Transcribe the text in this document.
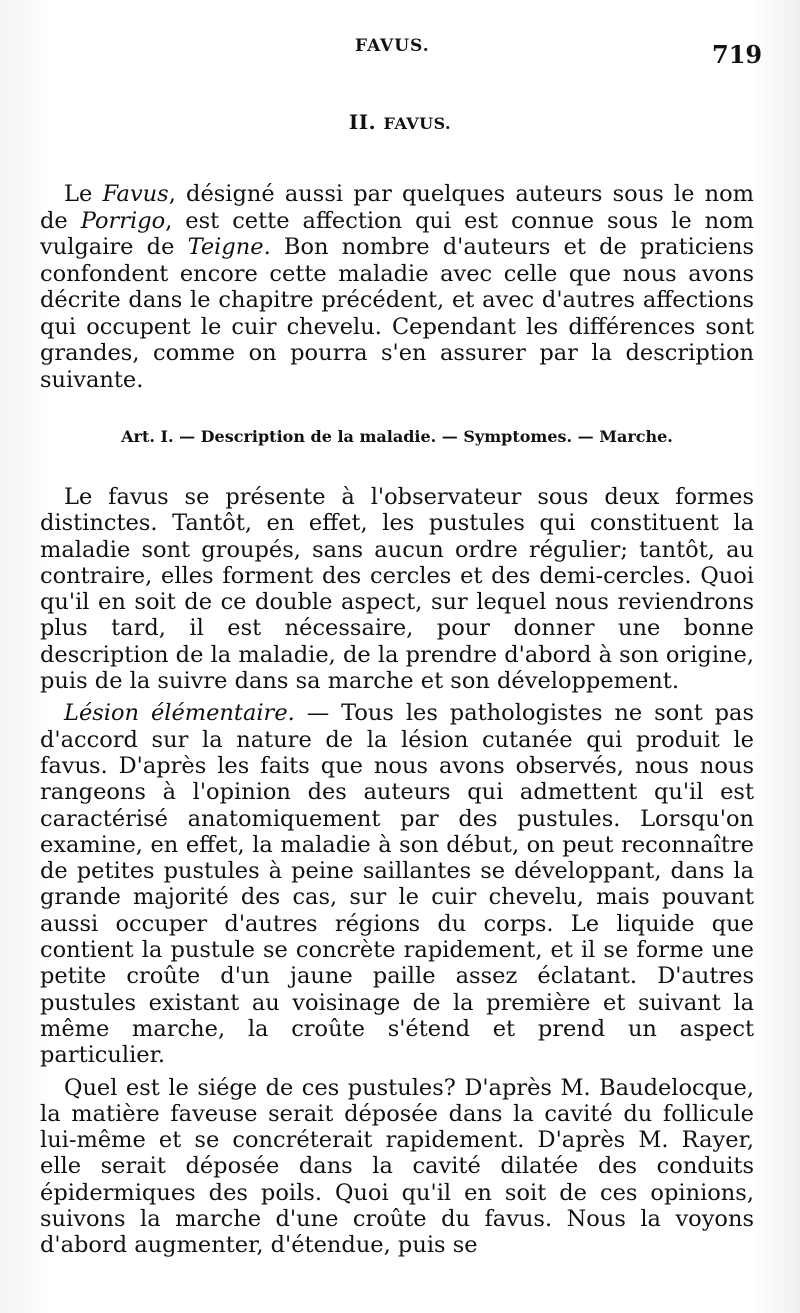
FAVUS.	719
II. FAVUS.

Le Favus, désigné aussi par quelques auteurs sous le nom de Porrigo, est cette affection qui est connue sous le nom vulgaire de Teigne. Bon nombre d'auteurs et de praticiens confondent encore cette maladie avec celle que nous avons décrite dans le chapitre précédent, et avec d'autres affections qui occupent le cuir chevelu. Cependant les différences sont grandes, comme on pourra s'en assurer par la description suivante.

Art. I. — Description de la maladie. — Symptomes. — Marche.

Le favus se présente à l'observateur sous deux formes distinctes. Tantôt, en effet, les pustules qui constituent la maladie sont groupés, sans aucun ordre régulier; tantôt, au contraire, elles forment des cercles et des demi-cercles. Quoi qu'il en soit de ce double aspect, sur lequel nous reviendrons plus tard, il est nécessaire, pour donner une bonne description de la maladie, de la prendre d'abord à son origine, puis de la suivre dans sa marche et son développement.

Lésion élémentaire. — Tous les pathologistes ne sont pas d'accord sur la nature de la lésion cutanée qui produit le favus. D'après les faits que nous avons observés, nous nous rangeons à l'opinion des auteurs qui admettent qu'il est caractérisé anatomiquement par des pustules. Lorsqu'on examine, en effet, la maladie à son début, on peut reconnaître de petites pustules à peine saillantes se développant, dans la grande majorité des cas, sur le cuir chevelu, mais pouvant aussi occuper d'autres régions du corps. Le liquide que contient la pustule se concrète rapidement, et il se forme une petite croûte d'un jaune paille assez éclatant. D'autres pustules existant au voisinage de la première et suivant la même marche, la croûte s'étend et prend un aspect particulier.

Quel est le siége de ces pustules? D'après M. Baudelocque, la matière faveuse serait déposée dans la cavité du follicule lui-même et se concréterait rapidement. D'après M. Rayer, elle serait déposée dans la cavité dilatée des conduits épidermiques des poils. Quoi qu'il en soit de ces opinions, suivons la marche d'une croûte du favus. Nous la voyons d'abord augmenter, d'étendue, puis se
